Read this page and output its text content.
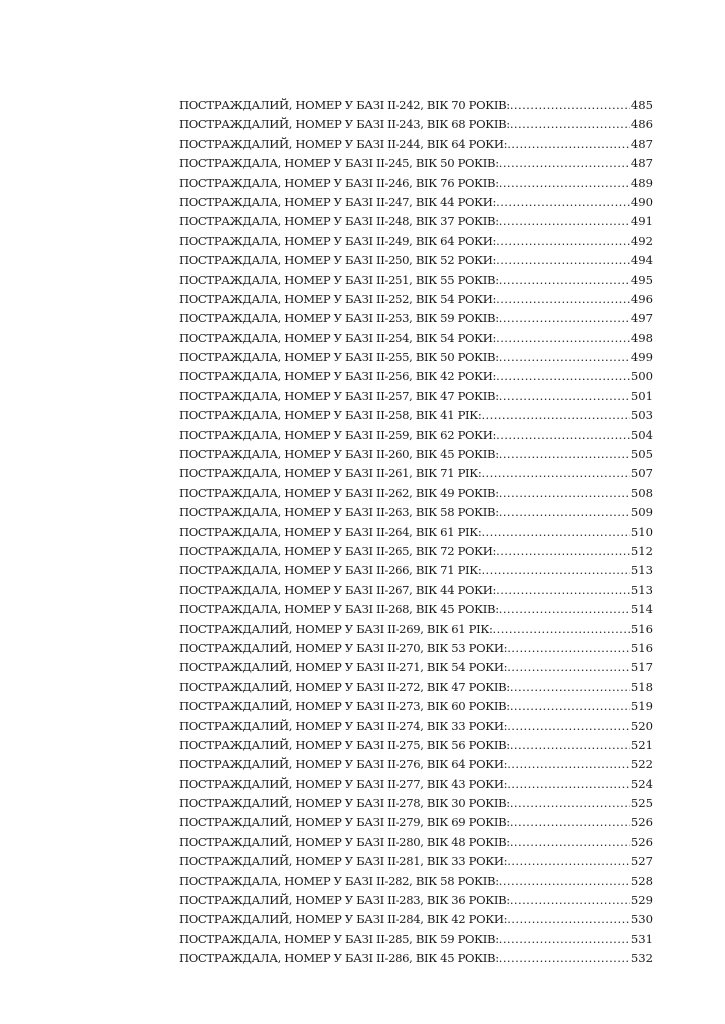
ПОСТРАЖДАЛИЙ, НОМЕР У БАЗІ II-242, ВІК 70 РОКІВ: .....	485
ПОСТРАЖДАЛИЙ, НОМЕР У БАЗІ II-243, ВІК 68 РОКІВ: .....	486
ПОСТРАЖДАЛИЙ, НОМЕР У БАЗІ II-244, ВІК 64 РОКИ: .....	487
ПОСТРАЖДАЛА, НОМЕР У БАЗІ II-245, ВІК 50 РОКІВ: .....	487
ПОСТРАЖДАЛА, НОМЕР У БАЗІ II-246, ВІК 76 РОКІВ: .....	489
ПОСТРАЖДАЛА, НОМЕР У БАЗІ II-247, ВІК 44 РОКИ: .....	490
ПОСТРАЖДАЛА, НОМЕР У БАЗІ II-248, ВІК 37 РОКІВ: .....	491
ПОСТРАЖДАЛА, НОМЕР У БАЗІ II-249, ВІК 64 РОКИ: .....	492
ПОСТРАЖДАЛА, НОМЕР У БАЗІ II-250, ВІК 52 РОКИ: .....	494
ПОСТРАЖДАЛА, НОМЕР У БАЗІ II-251, ВІК 55 РОКІВ: .....	495
ПОСТРАЖДАЛА, НОМЕР У БАЗІ II-252, ВІК 54 РОКИ: .....	496
ПОСТРАЖДАЛА, НОМЕР У БАЗІ II-253, ВІК 59 РОКІВ: .....	497
ПОСТРАЖДАЛА, НОМЕР У БАЗІ II-254, ВІК 54 РОКИ: .....	498
ПОСТРАЖДАЛА, НОМЕР У БАЗІ II-255, ВІК 50 РОКІВ: .....	499
ПОСТРАЖДАЛА, НОМЕР У БАЗІ II-256, ВІК 42 РОКИ: .....	500
ПОСТРАЖДАЛА, НОМЕР У БАЗІ II-257, ВІК 47 РОКІВ: .....	501
ПОСТРАЖДАЛА, НОМЕР У БАЗІ II-258, ВІК 41 РІК: .....	503
ПОСТРАЖДАЛА, НОМЕР У БАЗІ II-259, ВІК 62 РОКИ: .....	504
ПОСТРАЖДАЛА, НОМЕР У БАЗІ II-260, ВІК 45 РОКІВ: .....	505
ПОСТРАЖДАЛА, НОМЕР У БАЗІ II-261, ВІК 71 РІК: .....	507
ПОСТРАЖДАЛА, НОМЕР У БАЗІ II-262, ВІК 49 РОКІВ: .....	508
ПОСТРАЖДАЛА, НОМЕР У БАЗІ II-263, ВІК 58 РОКІВ: .....	509
ПОСТРАЖДАЛА, НОМЕР У БАЗІ II-264, ВІК 61 РІК: .....	510
ПОСТРАЖДАЛА, НОМЕР У БАЗІ II-265, ВІК 72 РОКИ: .....	512
ПОСТРАЖДАЛА, НОМЕР У БАЗІ II-266, ВІК 71 РІК: .....	513
ПОСТРАЖДАЛА, НОМЕР У БАЗІ II-267, ВІК 44 РОКИ: .....	513
ПОСТРАЖДАЛА, НОМЕР У БАЗІ II-268, ВІК 45 РОКІВ: .....	514
ПОСТРАЖДАЛИЙ, НОМЕР У БАЗІ II-269, ВІК 61 РІК: .....	516
ПОСТРАЖДАЛИЙ, НОМЕР У БАЗІ II-270, ВІК 53 РОКИ: .....	516
ПОСТРАЖДАЛИЙ, НОМЕР У БАЗІ II-271, ВІК 54 РОКИ: .....	517
ПОСТРАЖДАЛИЙ, НОМЕР У БАЗІ II-272, ВІК 47 РОКІВ: .....	518
ПОСТРАЖДАЛИЙ, НОМЕР У БАЗІ II-273, ВІК 60 РОКІВ: .....	519
ПОСТРАЖДАЛИЙ, НОМЕР У БАЗІ II-274, ВІК 33 РОКИ: .....	520
ПОСТРАЖДАЛИЙ, НОМЕР У БАЗІ II-275, ВІК 56 РОКІВ: .....	521
ПОСТРАЖДАЛИЙ, НОМЕР У БАЗІ II-276, ВІК 64 РОКИ: .....	522
ПОСТРАЖДАЛИЙ, НОМЕР У БАЗІ II-277, ВІК 43 РОКИ: .....	524
ПОСТРАЖДАЛИЙ, НОМЕР У БАЗІ II-278, ВІК 30 РОКІВ: .....	525
ПОСТРАЖДАЛИЙ, НОМЕР У БАЗІ II-279, ВІК 69 РОКІВ: .....	526
ПОСТРАЖДАЛИЙ, НОМЕР У БАЗІ II-280, ВІК 48 РОКІВ: .....	526
ПОСТРАЖДАЛИЙ, НОМЕР У БАЗІ II-281, ВІК 33 РОКИ: .....	527
ПОСТРАЖДАЛА, НОМЕР У БАЗІ II-282, ВІК 58 РОКІВ: .....	528
ПОСТРАЖДАЛИЙ, НОМЕР У БАЗІ II-283, ВІК 36 РОКІВ: .....	529
ПОСТРАЖДАЛИЙ, НОМЕР У БАЗІ II-284, ВІК 42 РОКИ: .....	530
ПОСТРАЖДАЛА, НОМЕР У БАЗІ II-285, ВІК 59 РОКІВ: .....	531
ПОСТРАЖДАЛА, НОМЕР У БАЗІ II-286, ВІК 45 РОКІВ: .....	532
